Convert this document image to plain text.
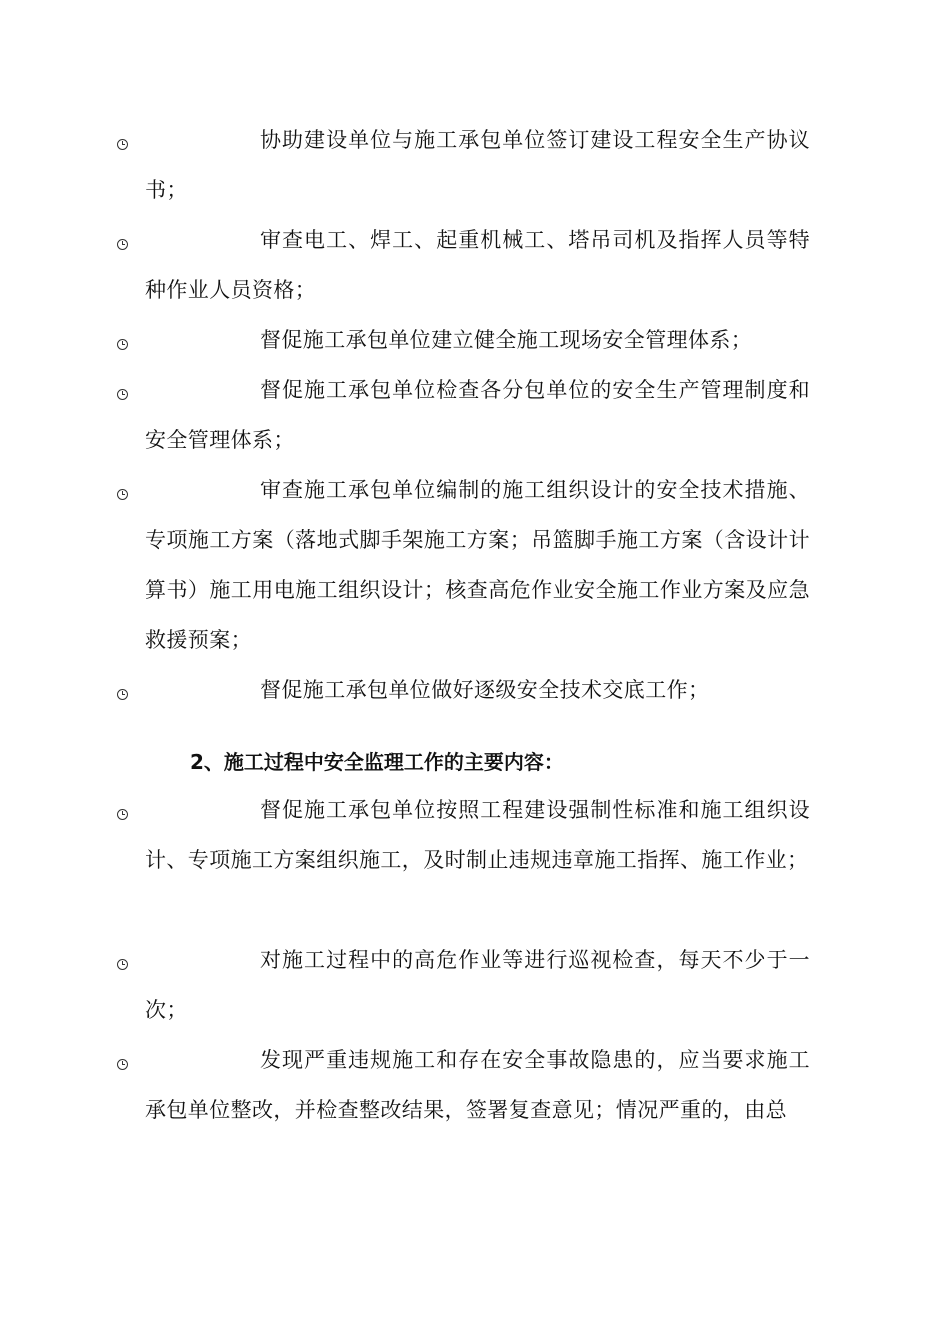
协助建设单位与施工承包单位签订建设工程安全生产协议书；

审查电工、焊工、起重机械工、塔吊司机及指挥人员等特种作业人员资格；

督促施工承包单位建立健全施工现场安全管理体系；

督促施工承包单位检查各分包单位的安全生产管理制度和安全管理体系；

审查施工承包单位编制的施工组织设计的安全技术措施、专项施工方案（落地式脚手架施工方案；吊篮脚手施工方案（含设计计算书）施工用电施工组织设计；核查高危作业安全施工作业方案及应急救援预案；

督促施工承包单位做好逐级安全技术交底工作；

2、施工过程中安全监理工作的主要内容：

督促施工承包单位按照工程建设强制性标准和施工组织设计、专项施工方案组织施工，及时制止违规违章施工指挥、施工作业；

对施工过程中的高危作业等进行巡视检查，每天不少于一次；

发现严重违规施工和存在安全事故隐患的，应当要求施工承包单位整改，并检查整改结果，签署复查意见；情况严重的，由总
